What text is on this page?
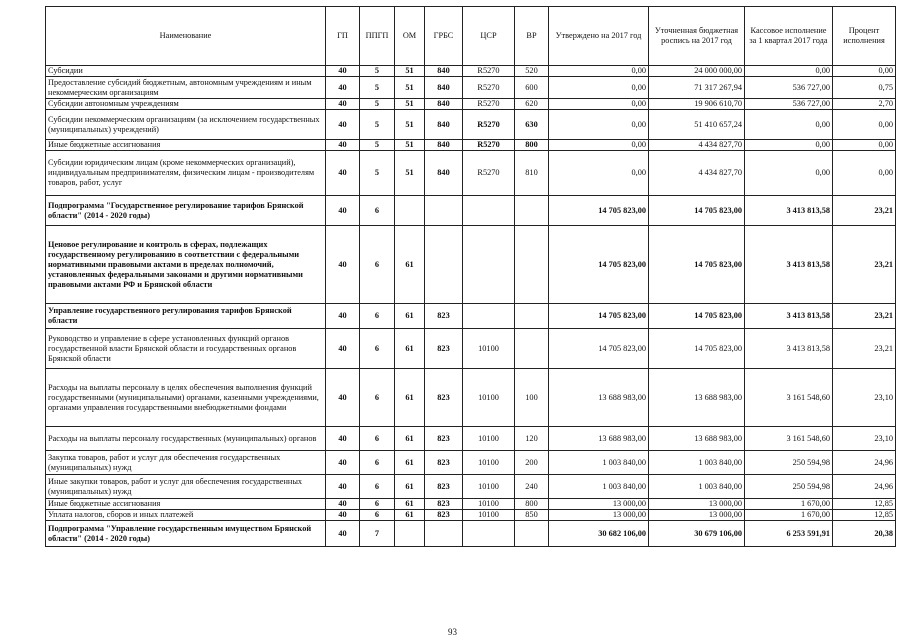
Наименование	ГП	ППГП	ОМ	ГРБС	ЦСР	ВР	Утверждено на 2017 год	Уточненная бюджетная роспись на 2017 год	Кассовое исполнение за 1 квартал 2017 года	Процент исполнения
Субсидии	40	5	51	840	R5270	520	0,00	24 000 000,00	0,00	0,00
Предоставление субсидий бюджетным, автономным учреждениям и иным некоммерческим организациям	40	5	51	840	R5270	600	0,00	71 317 267,94	536 727,00	0,75
Субсидии автономным учреждениям	40	5	51	840	R5270	620	0,00	19 906 610,70	536 727,00	2,70
Субсидии некоммерческим организациям (за исключением государственных (муниципальных) учреждений)	40	5	51	840	R5270	630	0,00	51 410 657,24	0,00	0,00
Иные бюджетные ассигнования	40	5	51	840	R5270	800	0,00	4 434 827,70	0,00	0,00
Субсидии юридическим лицам (кроме некоммерческих организаций), индивидуальным предпринимателям, физическим лицам - производителям товаров, работ, услуг	40	5	51	840	R5270	810	0,00	4 434 827,70	0,00	0,00
Подпрограмма "Государственное регулирование тарифов Брянской области" (2014 - 2020 годы)	40	6					14 705 823,00	14 705 823,00	3 413 813,58	23,21
Ценовое регулирование и контроль в сферах, подлежащих государственному регулированию в соответствии с федеральными нормативными правовыми актами в пределах полномочий, установленных федеральными законами и другими нормативными правовыми актами РФ и Брянской области	40	6	61				14 705 823,00	14 705 823,00	3 413 813,58	23,21
Управление государственного регулирования тарифов Брянской области	40	6	61	823			14 705 823,00	14 705 823,00	3 413 813,58	23,21
Руководство и управление в сфере установленных функций органов государственной власти Брянской области и государственных органов Брянской области	40	6	61	823	10100		14 705 823,00	14 705 823,00	3 413 813,58	23,21
Расходы на выплаты персоналу в целях обеспечения выполнения функций государственными (муниципальными) органами, казенными учреждениями, органами управления государственными внебюджетными фондами	40	6	61	823	10100	100	13 688 983,00	13 688 983,00	3 161 548,60	23,10
Расходы на выплаты персоналу государственных (муниципальных) органов	40	6	61	823	10100	120	13 688 983,00	13 688 983,00	3 161 548,60	23,10
Закупка товаров, работ и услуг для обеспечения государственных (муниципальных) нужд	40	6	61	823	10100	200	1 003 840,00	1 003 840,00	250 594,98	24,96
Иные закупки товаров, работ и услуг для обеспечения государственных (муниципальных) нужд	40	6	61	823	10100	240	1 003 840,00	1 003 840,00	250 594,98	24,96
Иные бюджетные ассигнования	40	6	61	823	10100	800	13 000,00	13 000,00	1 670,00	12,85
Уплата налогов, сборов и иных платежей	40	6	61	823	10100	850	13 000,00	13 000,00	1 670,00	12,85
Подпрограмма "Управление государственным имуществом Брянской области" (2014 - 2020 годы)	40	7					30 682 106,00	30 679 106,00	6 253 591,91	20,38
93
